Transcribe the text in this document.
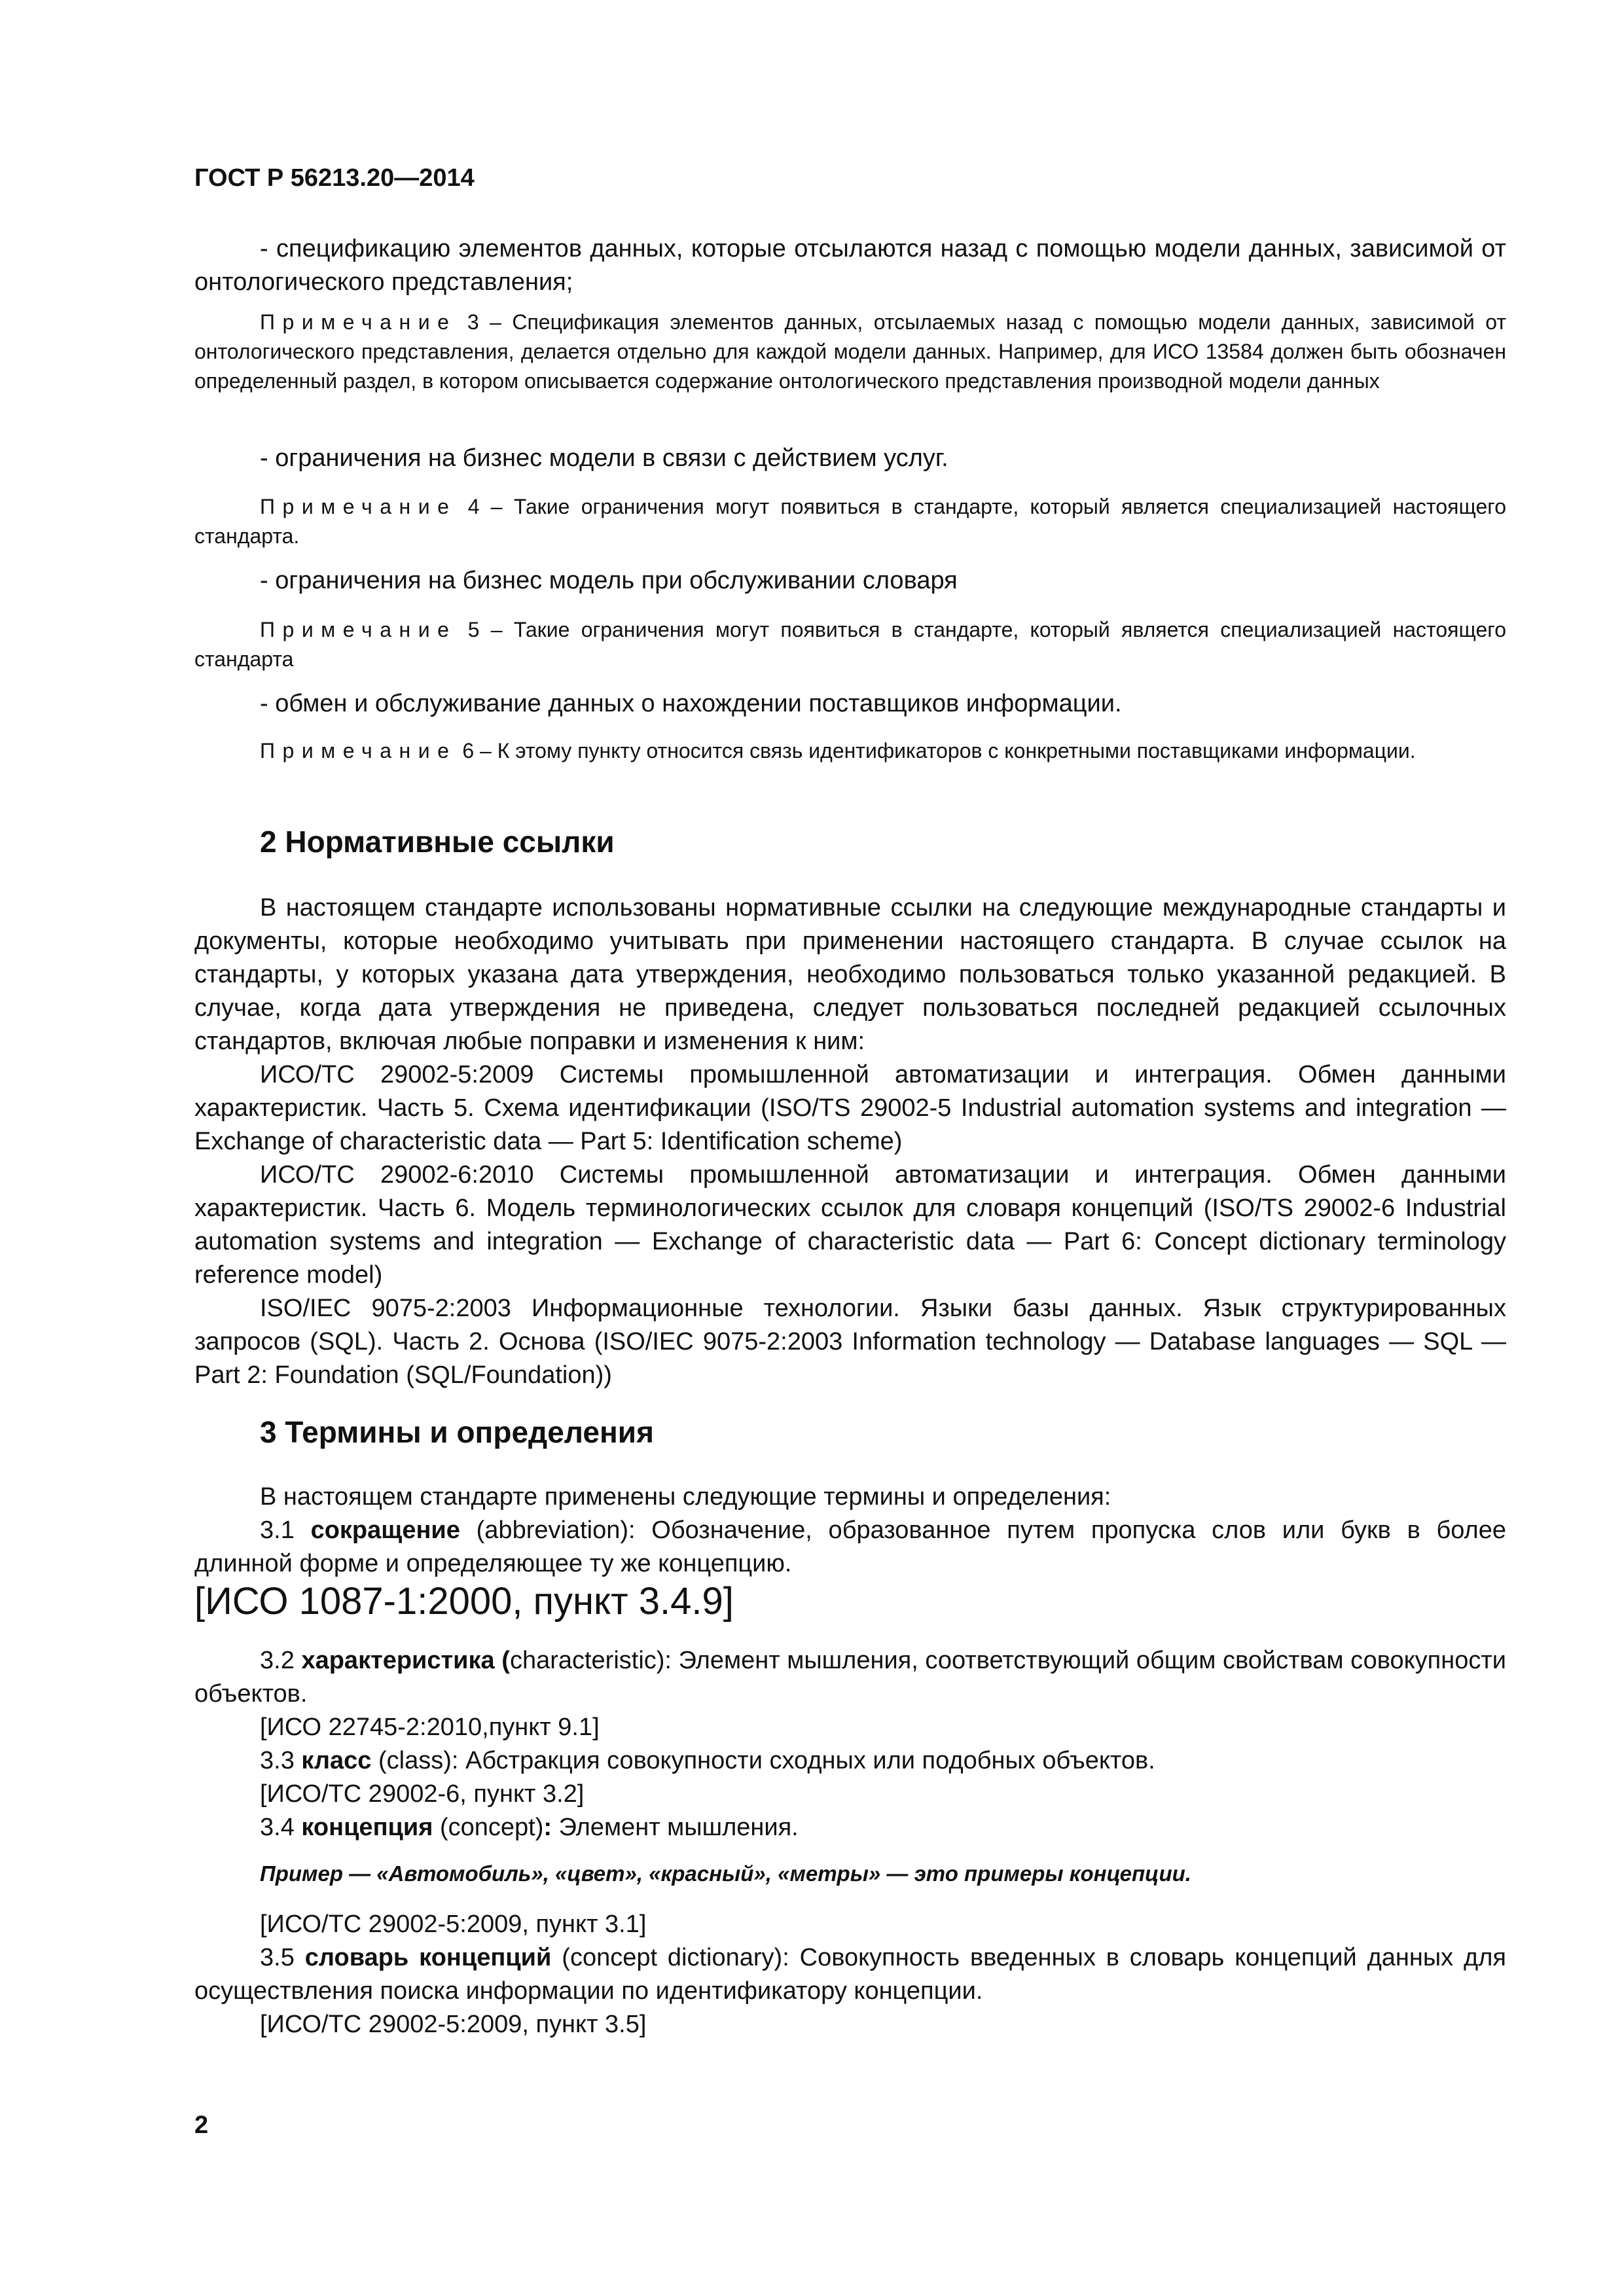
ГОСТ Р 56213.20—2014

- спецификацию элементов данных, которые отсылаются назад с помощью модели данных, зависимой от онтологического представления;

Примечание 3 – Спецификация элементов данных, отсылаемых назад с помощью модели данных, зависимой от онтологического представления, делается отдельно для каждой модели данных. Например, для ИСО 13584 должен быть обозначен определенный раздел, в котором описывается содержание онтологического представления производной модели данных

- ограничения на бизнес модели в связи с действием услуг.

Примечание 4 – Такие ограничения могут появиться в стандарте, который является специализацией настоящего стандарта.

- ограничения на бизнес модель при обслуживании словаря

Примечание 5 – Такие ограничения могут появиться в стандарте, который является специализацией настоящего стандарта

- обмен и обслуживание данных о нахождении поставщиков информации.

Примечание 6 – К этому пункту относится связь идентификаторов с конкретными поставщиками информации.

2 Нормативные ссылки

В настоящем стандарте использованы нормативные ссылки на следующие международные стандарты и документы, которые необходимо учитывать при применении настоящего стандарта. В случае ссылок на стандарты, у которых указана дата утверждения, необходимо пользоваться только указанной редакцией. В случае, когда дата утверждения не приведена, следует пользоваться последней редакцией ссылочных стандартов, включая любые поправки и изменения к ним:

ИСО/ТС 29002-5:2009 Системы промышленной автоматизации и интеграция. Обмен данными характеристик. Часть 5. Схема идентификации (ISO/TS 29002-5 Industrial automation systems and integration — Exchange of characteristic data — Part 5: Identification scheme)

ИСО/ТС 29002-6:2010 Системы промышленной автоматизации и интеграция. Обмен данными характеристик. Часть 6. Модель терминологических ссылок для словаря концепций (ISO/TS 29002-6 Industrial automation systems and integration — Exchange of characteristic data — Part 6: Concept dictionary terminology reference model)

ISO/IEC 9075-2:2003 Информационные технологии. Языки базы данных. Язык структурированных запросов (SQL). Часть 2. Основа (ISO/IEC 9075-2:2003 Information technology — Database languages — SQL — Part 2: Foundation (SQL/Foundation))

3 Термины и определения

В настоящем стандарте применены следующие термины и определения:

3.1 сокращение (abbreviation): Обозначение, образованное путем пропуска слов или букв в более длинной форме и определяющее ту же концепцию.

[ИСО 1087-1:2000, пункт 3.4.9]

3.2 характеристика (characteristic): Элемент мышления, соответствующий общим свойствам совокупности объектов.

[ИСО 22745-2:2010,пункт 9.1]

3.3 класс (class): Абстракция совокупности сходных или подобных объектов.

[ИСО/ТС 29002-6, пункт 3.2]

3.4 концепция (concept): Элемент мышления.

Пример — «Автомобиль», «цвет», «красный», «метры» — это примеры концепции.

[ИСО/ТС 29002-5:2009, пункт 3.1]

3.5 словарь концепций (concept dictionary): Совокупность введенных в словарь концепций данных для осуществления поиска информации по идентификатору концепции.

[ИСО/ТС 29002-5:2009, пункт 3.5]

2
